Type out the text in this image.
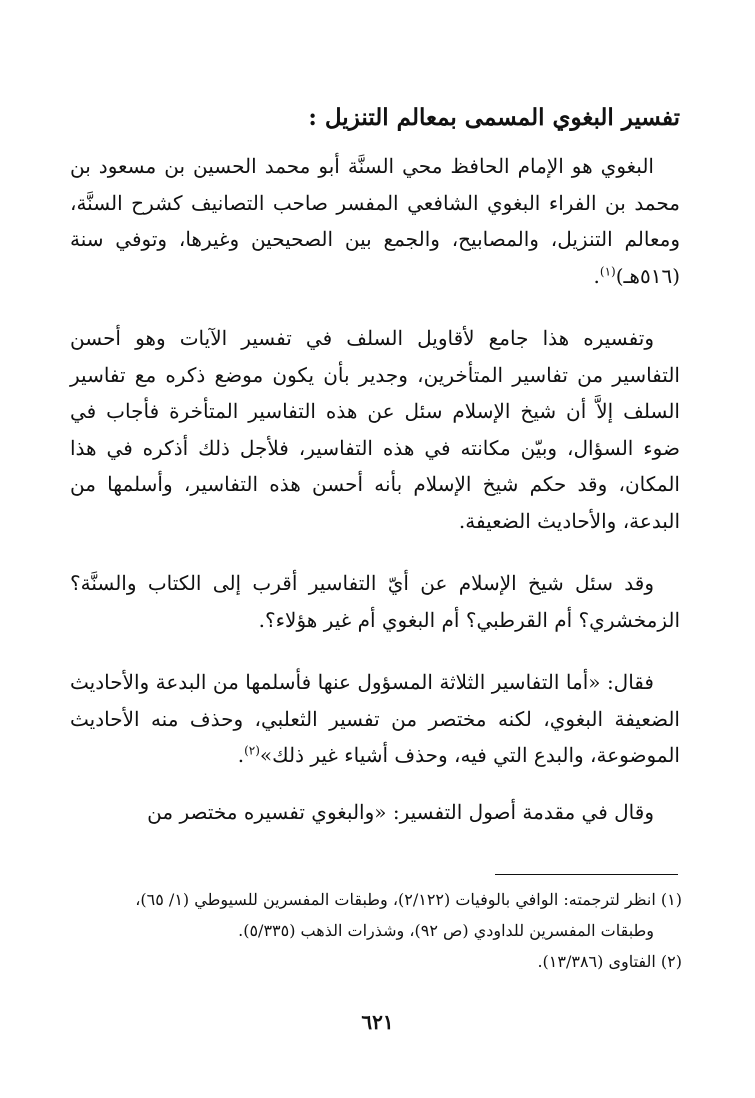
تفسير البغوي المسمى بمعالم التنزيل :

البغوي هو الإمام الحافظ محي السنَّة أبو محمد الحسين بن مسعود بن محمد بن الفراء البغوي الشافعي المفسر صاحب التصانيف كشرح السنَّة، ومعالم التنزيل، والمصابيح، والجمع بين الصحيحين وغيرها، وتوفي سنة (٥١٦هـ)$^{(١)}$.

وتفسيره هذا جامع لأقاويل السلف في تفسير الآيات وهو أحسن التفاسير من تفاسير المتأخرين، وجدير بأن يكون موضع ذكره مع تفاسير السلف إلاَّ أن شيخ الإسلام سئل عن هذه التفاسير المتأخرة فأجاب في ضوء السؤال، وبيّن مكانته في هذه التفاسير، فلأجل ذلك أذكره في هذا المكان، وقد حكم شيخ الإسلام بأنه أحسن هذه التفاسير، وأسلمها من البدعة، والأحاديث الضعيفة.

وقد سئل شيخ الإسلام عن أيّ التفاسير أقرب إلى الكتاب والسنَّة؟ الزمخشري؟ أم القرطبي؟ أم البغوي أم غير هؤلاء؟.

فقال: «أما التفاسير الثلاثة المسؤول عنها فأسلمها من البدعة والأحاديث الضعيفة البغوي، لكنه مختصر من تفسير الثعلبي، وحذف منه الأحاديث الموضوعة، والبدع التي فيه، وحذف أشياء غير ذلك»$^{(٢)}$.

وقال في مقدمة أصول التفسير: «والبغوي تفسيره مختصر من

(١) انظر لترجمته: الوافي بالوفيات (٢/١٢٢)، وطبقات المفسرين للسيوطي (١/ ٦٥)،

وطبقات المفسرين للداودي (ص ٩٢)، وشذرات الذهب (٥/٣٣٥).

(٢) الفتاوى (١٣/٣٨٦).

٦٢١
